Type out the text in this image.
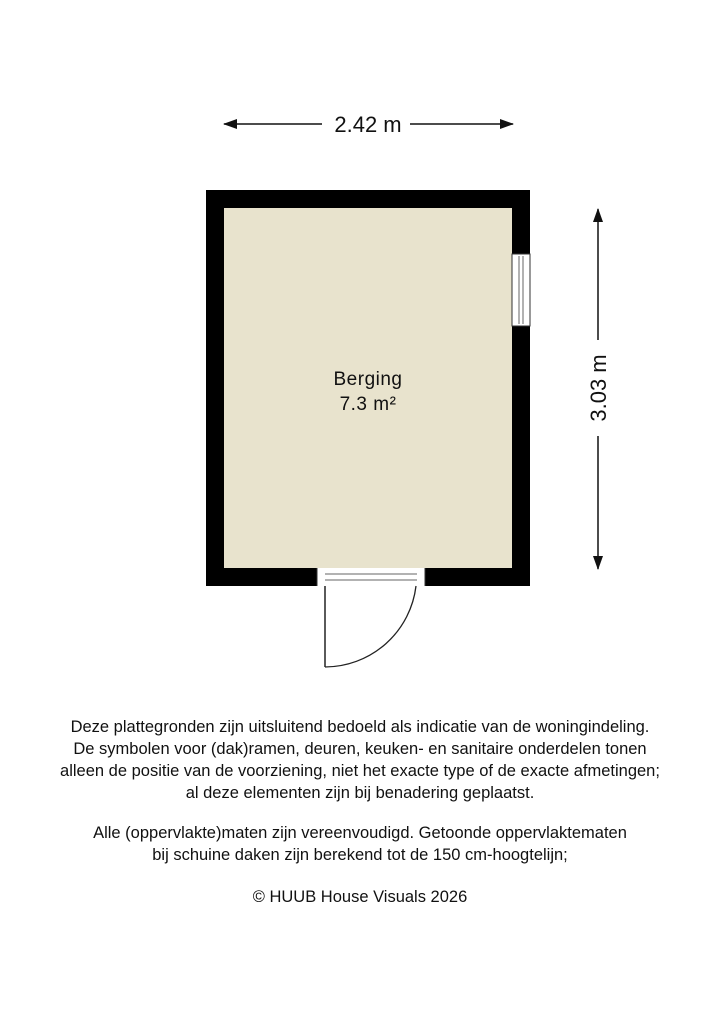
2.42 m
3.03 m
Berging
7.3 m²

Deze plattegronden zijn uitsluitend bedoeld als indicatie van de woningindeling.

De symbolen voor (dak)ramen, deuren, keuken- en sanitaire onderdelen tonen

alleen de positie van de voorziening, niet het exacte type of de exacte afmetingen;

al deze elementen zijn bij benadering geplaatst.

Alle (oppervlakte)maten zijn vereenvoudigd. Getoonde oppervlaktematen

bij schuine daken zijn berekend tot de 150 cm-hoogtelijn;

© HUUB House Visuals 2026
